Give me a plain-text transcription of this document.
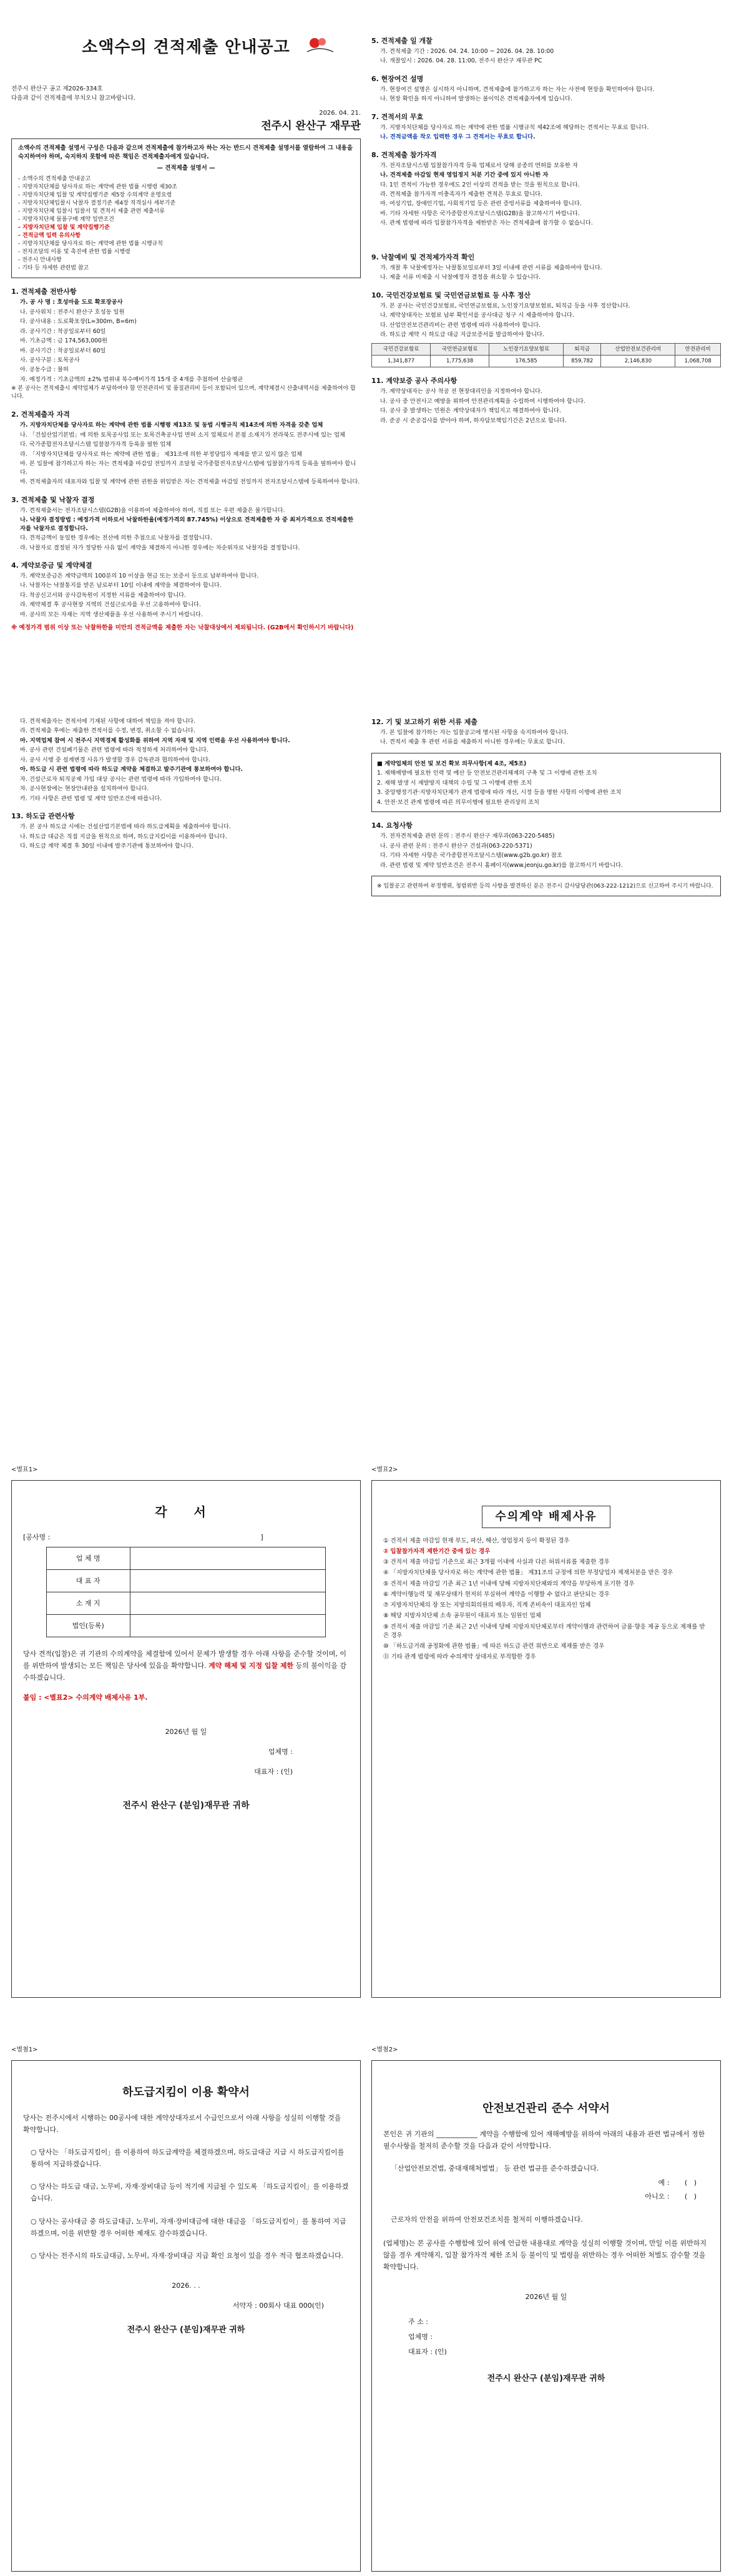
소액수의 견적제출 안내공고
전주시 완산구 공고 제2026-334호
다음과 같이 견적제출에 부치오니 참고바랍니다.
2026. 04. 21.
전주시 완산구 재무관
소액수의 견적제출 설명서 구성은 다음과 같으며 견적제출에 참가하고자 하는 자는 반드시 견적제출 설명서를 열람하여 그 내용을 숙지하여야 하며, 숙지하지 못함에 따른 책임은 견적제출자에게 있습니다.
— 견적제출 설명서 —
- 소액수의 견적제출 안내공고
- 지방자치단체를 당사자로 하는 계약에 관한 법률 시행령 제30조
- 지방자치단체 입찰 및 계약집행기준 제5장 수의계약 운영요령
- 지방자치단체입찰시 낙찰자 결정기준 제4장 적격심사 세부기준
- 지방자치단체 입찰시 입찰서 및 견적서 제출 관련 제출서류
- 지방자치단체 물품구매 계약 일반조건
- 지방자치단체 입찰 및 계약집행기준
- 견적금액 입력 유의사항
- 지방자치단체를 당사자로 하는 계약에 관한 법률 시행규칙
- 전자조달의 이용 및 촉진에 관한 법률 시행령
- 전주시 안내사항
- 기타 등 자세한 관련법 참고
1. 견적제출 전반사항
가. 공 사 명 : 호성마을 도로 확포장공사
나. 공사위치 : 전주시 완산구 호성동 일원
다. 공사내용 : 도로확포장(L=300m, B=6m)
라. 공사기간 : 착공일로부터 60일
마. 기초금액 : 금 174,563,000원
바. 공사기간 : 착공일로부터 60일
사. 공사구분 : 토목공사
아. 공동수급 : 불허
자. 예정가격 : 기초금액의 ±2% 범위내 복수예비가격 15개 중 4개를 추첨하여 산술평균
※ 본 공사는 견적제출시 계약업체가 부담하여야 할 안전관리비 및 품질관리비 등이 포함되어 있으며, 계약체결시 산출내역서를 제출하여야 합니다.
2. 견적제출자 자격
가. 지방자치단체를 당사자로 하는 계약에 관한 법률 시행령 제13조 및 동법 시행규칙 제14조에 의한 자격을 갖춘 업체
나. 「건설산업기본법」에 의한 토목공사업 또는 토목건축공사업 면허 소지 업체로서 본점 소재지가 전라북도 전주시에 있는 업체
다. 국가종합전자조달시스템 입찰참가자격 등록을 필한 업체
라. 「지방자치단체를 당사자로 하는 계약에 관한 법률」 제31조에 의한 부정당업자 제재를 받고 있지 않은 업체
마. 본 입찰에 참가하고자 하는 자는 견적제출 마감일 전일까지 조달청 국가종합전자조달시스템에 입찰참가자격 등록을 필하여야 합니다.
바. 견적제출자의 대표자와 입찰 및 계약에 관한 권한을 위임받은 자는 견적제출 마감일 전일까지 전자조달시스템에 등록하여야 합니다.
3. 견적제출 및 낙찰자 결정
가. 견적제출서는 전자조달시스템(G2B)을 이용하여 제출하여야 하며, 직접 또는 우편 제출은 불가합니다.
나. 낙찰자 결정방법 : 예정가격 이하로서 낙찰하한율(예정가격의 87.745%) 이상으로 견적제출한 자 중 최저가격으로 견적제출한 자를 낙찰자로 결정합니다.
다. 견적금액이 동일한 경우에는 전산에 의한 추첨으로 낙찰자를 결정합니다.
라. 낙찰자로 결정된 자가 정당한 사유 없이 계약을 체결하지 아니한 경우에는 차순위자로 낙찰자를 결정합니다.
4. 계약보증금 및 계약체결
가. 계약보증금은 계약금액의 100분의 10 이상을 현금 또는 보증서 등으로 납부하여야 합니다.
나. 낙찰자는 낙찰통지를 받은 날로부터 10일 이내에 계약을 체결하여야 합니다.
다. 착공신고서와 공사감독원이 지정한 서류를 제출하여야 합니다.
라. 계약체결 후 공사현장 지역의 건설근로자를 우선 고용하여야 합니다.
마. 공사의 모든 자재는 지역 생산제품을 우선 사용하여 주시기 바랍니다.
※ 예정가격 범위 이상 또는 낙찰하한율 미만의 견적금액을 제출한 자는 낙찰대상에서 제외됩니다. (G2B에서 확인하시기 바랍니다)
5. 견적제출 일 개찰
가. 견적제출 기간 : 2026. 04. 24. 10:00 ~ 2026. 04. 28. 10:00
나. 개찰일시 : 2026. 04. 28. 11:00, 전주시 완산구 재무관 PC
6. 현장여건 설명
가. 현장여건 설명은 실시하지 아니하며, 견적제출에 참가하고자 하는 자는 사전에 현장을 확인하여야 합니다.
나. 현장 확인을 하지 아니하여 발생하는 불이익은 견적제출자에게 있습니다.
7. 견적서의 무효
가. 지방자치단체를 당사자로 하는 계약에 관한 법률 시행규칙 제42조에 해당하는 견적서는 무효로 합니다.
나. 견적금액을 착오 입력한 경우 그 견적서는 무효로 합니다.
8. 견적제출 참가자격
가. 전자조달시스템 입찰참가자격 등록 업체로서 당해 공종의 면허를 보유한 자
나. 견적제출 마감일 현재 영업정지 처분 기간 중에 있지 아니한 자
다. 1인 견적이 가능한 경우에도 2인 이상의 견적을 받는 것을 원칙으로 합니다.
라. 견적제출 참가자격 미충족자가 제출한 견적은 무효로 합니다.
마. 여성기업, 장애인기업, 사회적기업 등은 관련 증빙서류를 제출하여야 합니다.
바. 기타 자세한 사항은 국가종합전자조달시스템(G2B)을 참고하시기 바랍니다.
사. 관계 법령에 따라 입찰참가자격을 제한받은 자는 견적제출에 참가할 수 없습니다.
9. 낙찰예비 및 견적제가자격 확인
가. 개찰 후 낙찰예정자는 낙찰통보일로부터 3일 이내에 관련 서류를 제출하여야 합니다.
나. 제출 서류 미제출 시 낙찰예정자 결정을 취소할 수 있습니다.
10. 국민건강보험료 및 국민연금보험료 등 사후 정산
가. 본 공사는 국민건강보험료, 국민연금보험료, 노인장기요양보험료, 퇴직금 등을 사후 정산합니다.
나. 계약상대자는 보험료 납부 확인서를 공사대금 청구 시 제출하여야 합니다.
다. 산업안전보건관리비는 관련 법령에 따라 사용하여야 합니다.
라. 하도급 계약 시 하도급 대금 지급보증서를 발급하여야 합니다.
국민건강보험료	국민연금보험료	노인장기요양보험료	퇴직금	산업안전보건관리비	안전관리비
1,341,877	1,775,638	176,585	859,782	2,146,830	1,068,708
11. 계약보증 공사 주의사항
가. 계약상대자는 공사 착공 전 현장대리인을 지정하여야 합니다.
나. 공사 중 안전사고 예방을 위하여 안전관리계획을 수립하여 시행하여야 합니다.
다. 공사 중 발생하는 민원은 계약상대자가 책임지고 해결하여야 합니다.
라. 준공 시 준공검사를 받아야 하며, 하자담보책임기간은 2년으로 합니다.
다. 견적제출자는 견적서에 기재된 사항에 대하여 책임을 져야 합니다.
라. 견적제출 후에는 제출한 견적서를 수정, 변경, 취소할 수 없습니다.
마. 지역업체 참여 시 전주시 지역경제 활성화를 위하여 지역 자재 및 지역 인력을 우선 사용하여야 합니다.
바. 공사 관련 건설폐기물은 관련 법령에 따라 적정하게 처리하여야 합니다.
사. 공사 시행 중 설계변경 사유가 발생할 경우 감독관과 협의하여야 합니다.
아. 하도급 시 관련 법령에 따라 하도급 계약을 체결하고 발주기관에 통보하여야 합니다.
자. 건설근로자 퇴직공제 가입 대상 공사는 관련 법령에 따라 가입하여야 합니다.
차. 공사현장에는 현장안내판을 설치하여야 합니다.
카. 기타 사항은 관련 법령 및 계약 일반조건에 따릅니다.
13. 하도급 관련사항
가. 본 공사 하도급 시에는 건설산업기본법에 따라 하도급계획을 제출하여야 합니다.
나. 하도급 대금은 직접 지급을 원칙으로 하며, 하도급지킴이를 이용하여야 합니다.
다. 하도급 계약 체결 후 30일 이내에 발주기관에 통보하여야 합니다.
12. 기 및 보고하기 위한 서류 제출
가. 본 입찰에 참가하는 자는 입찰공고에 명시된 사항을 숙지하여야 합니다.
나. 견적서 제출 후 관련 서류를 제출하지 아니한 경우에는 무효로 합니다.
■ 계약업체의 안전 및 보건 확보 의무사항(제 4조, 제5조)
1. 재해예방에 필요한 인력 및 예산 등 안전보건관리체계의 구축 및 그 이행에 관한 조치
2. 재해 발생 시 재발방지 대책의 수립 및 그 이행에 관한 조치
3. 중앙행정기관·지방자치단체가 관계 법령에 따라 개선, 시정 등을 명한 사항의 이행에 관한 조치
4. 안전·보건 관계 법령에 따른 의무이행에 필요한 관리상의 조치
14. 요청사항
가. 전자견적제출 관련 문의 : 전주시 완산구 재무과(063-220-5485)
나. 공사 관련 문의 : 전주시 완산구 건설과(063-220-5371)
다. 기타 자세한 사항은 국가종합전자조달시스템(www.g2b.go.kr) 참조
라. 관련 법령 및 계약 일반조건은 전주시 홈페이지(www.jeonju.go.kr)를 참고하시기 바랍니다.
※ 입찰공고 관련하여 부정행위, 청렴위반 등의 사항을 발견하신 분은 전주시 감사담당관(063-222-1212)으로 신고하여 주시기 바랍니다.
<별표1>
각 서
[공사명 :	]
업 체 명	
대 표 자	
소 재 지	
법인(등록)	
당사 견적(입찰)은 귀 기관의 수의계약을 체결함에 있어서 문제가 발생할 경우 아래 사항을 준수할 것이며, 이를 위반하여 발생되는 모든 책임은 당사에 있음을 확약합니다. 계약 해제 및 지정 입찰 제한 등의 불이익을 감수하겠습니다.
붙임 : <별표2> 수의계약 배제사유 1부.
2026년 월 일
업체명 :
대표자 : (인)
전주시 완산구 (분임)재무관 귀하
<별표2>
수의계약 배제사유
① 견적서 제출 마감일 현재 부도, 파산, 해산, 영업정지 등이 확정된 경우
② 입찰참가자격 제한기간 중에 있는 경우
③ 견적서 제출 마감일 기준으로 최근 3개월 이내에 사실과 다른 허위서류를 제출한 경우
④ 「지방자치단체를 당사자로 하는 계약에 관한 법률」 제31조의 규정에 의한 부정당업자 제재처분을 받은 경우
⑤ 견적서 제출 마감일 기준 최근 1년 이내에 당해 지방자치단체와의 계약을 부당하게 포기한 경우
⑥ 계약이행능력 및 재무상태가 현저히 부실하여 계약을 이행할 수 없다고 판단되는 경우
⑦ 지방자치단체의 장 또는 지방의회의원의 배우자, 직계 존비속이 대표자인 업체
⑧ 해당 지방자치단체 소속 공무원이 대표자 또는 임원인 업체
⑨ 견적서 제출 마감일 기준 최근 2년 이내에 당해 지방자치단체로부터 계약이행과 관련하여 금품·향응 제공 등으로 제재를 받은 경우
⑩ 「하도급거래 공정화에 관한 법률」에 따른 하도급 관련 위반으로 제재를 받은 경우
⑪ 기타 관계 법령에 따라 수의계약 상대자로 부적합한 경우
<별첨1>
하도급지킴이 이용 확약서
당사는 전주시에서 시행하는 00공사에 대한 계약상대자로서 수급인으로서 아래 사항을 성실히 이행할 것을 확약합니다.
○ 당사는 「하도급지킴이」를 이용하여 하도급계약을 체결하겠으며, 하도급대금 지급 시 하도급지킴이를 통하여 지급하겠습니다.
○ 당사는 하도급 대금, 노무비, 자재·장비대금 등이 적기에 지급될 수 있도록 「하도급지킴이」를 이용하겠습니다.
○ 당사는 공사대금 중 하도급대금, 노무비, 자재·장비대금에 대한 대금을 「하도급지킴이」를 통하여 지급하겠으며, 이를 위반할 경우 어떠한 제재도 감수하겠습니다.
○ 당사는 전주시의 하도급대금, 노무비, 자재·장비대금 지급 확인 요청이 있을 경우 적극 협조하겠습니다.
2026. . .
서약자 : 00회사 대표 000(인)
전주시 완산구 (분임)재무관 귀하
<별첨2>
안전보건관리 준수 서약서
본인은 귀 기관의 ____________ 계약을 수행함에 있어 재해예방을 위하여 아래의 내용과 관련 법규에서 정한 필수사항을 철저히 준수할 것을 다음과 같이 서약합니다.
「산업안전보건법, 중대재해처벌법」 등 관련 법규를 준수하겠습니다.
예 : (   )
아니오 : (   )
근로자의 안전을 위하여 안전보건조치를 철저히 이행하겠습니다.
(업체명)는 본 공사를 수행함에 있어 위에 언급한 내용대로 계약을 성실히 이행할 것이며, 만일 이를 위반하지 않을 경우 계약해지, 입찰 참가자격 제한 조치 등 불이익 및 법령을 위반하는 경우 어떠한 처벌도 감수할 것을 확약합니다.
2026년 월 일
주 소 :
업체명 :
대표자 : (인)
전주시 완산구 (분임)재무관 귀하
